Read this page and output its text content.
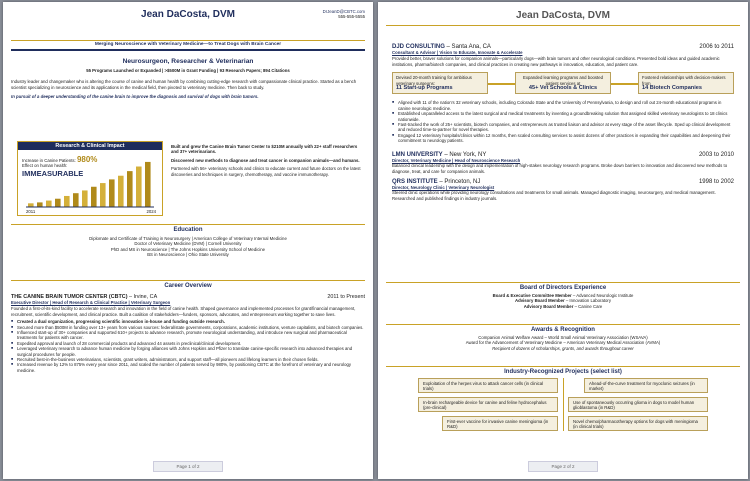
Jean DaCosta, DVM	DrJeanD@CBTC.com
555-555-5555
Merging Neuroscience with Veterinary Medicine—to Treat Dogs with Brain Cancer
Neurosurgeon, Researcher & Veterinarian
55 Programs Launched or Expanded | >$500M in Grant Funding | 93 Research Papers; 894 Citations
Industry leader and changemaker who is altering the course of canine and human health by combining cutting-edge research with compassionate clinical practice. Started as a bench scientist specializing in neuroscience and its applications in the medical field, then pivoted to veterinary medicine. Then back to study.
In pursuit of a deeper understanding of the canine brain to improve the diagnosis and survival of dogs with brain tumors.
Research & Clinical Impact
Increase in Canine Patients: 980%
Effect on human health:
IMMEASURABLE
2011	2024
Built and grew the Canine Brain Tumor Center to $210M annually with 22+ staff researchers and 37+ veterinarians.
Discovered new methods to diagnose and treat cancer in companion animals—and humans.
Partnered with 56+ veterinary schools and clinics to educate current and future doctors on the latest discoveries and techniques in surgery, chemotherapy, and vaccine immunotherapy.
Education
Diplomate and Certificate of Training in Neurosurgery | American College of Veterinary Internal Medicine
Doctor of Veterinary Medicine (DVM) | Cornell University
PhD and MS in Neuroscience | The Johns Hopkins University School of Medicine
BS in Neuroscience | Ohio State University
Career Overview
THE CANINE BRAIN TUMOR CENTER (CBTC) – Irvine, CA	2011 to Present
Executive Director | Head of Research & Clinical Practice | Veterinary Surgeon
Founded a first-of-its-kind facility to accelerate research and innovation in the field of canine health. Shaped governance and implemented processes for grant/financial management, recruitment, scientific development, and clinical practice. Built a coalition of stakeholders—funders, sponsors, advocates, and entrepreneurs working together to save lives.
■ Created a dual organization, progressing scientific innovation in-house and funding outside research.
■ Secured more than $500M in funding over 13+ years from various sources: federal/state governments, corporations, academic institutions, venture capitalists, and biotech companies.
■ Influenced start-up of 30+ companies and supported 610+ projects to advance research, promote neurological understanding, and introduce new surgical and pharmaceutical treatments for patients with cancer.
■ Expedited approval and launch of 28 commercial products and advanced 44 assets in preclinical/clinical development.
■ Leveraged veterinary research to advance human medicine by forging alliances with Johns Hopkins and Pfizer to translate canine-specific research into advanced therapies and surgical procedures for people.
■ Recruited best-in-the-business veterinarians, scientists, grant writers, administrators, and support staff—all pioneers and lifelong learners in their chosen fields.
■ Increased revenue by 12% to 875% every year since 2011, and scaled the number of patients served by 980%, by positioning CBTC at the forefront of veterinary and neurology medicine.
Page 1 of 2
Jean DaCosta, DVM
DJD CONSULTING – Santa Ana, CA	2006 to 2011
Consultant & Advisor | Vision to Educate, Innovate & Accelerate
Provided better, braver solutions for companion animals—particularly dogs—with brain tumors and other neurological conditions. Presented bold ideas and guided academic institutions, pharma/biotech companies, and clinical practices in creating new pathways in innovation, education, and patient care.
Devised 20-month training for ambitious veterinary surgeons:
11 Start-up Programs
Expanded learning programs and boosted patient services at
45+ Vet Schools & Clinics
Fostered relationships with decision-makers from
14 Biotech Companies
■ Aligned with 11 of the nation's 32 veterinary schools, including Colorado State and the University of Pennsylvania, to design and roll out 24-month educational programs in canine neurologic medicine.
■ Established unparalleled access to the latest surgical and medical treatments by inventing a groundbreaking solution that assigned skilled veterinary neurologists to 18 clinics nationwide.
■ Fast-tracked the work of 25+ scientists, biotech companies, and entrepreneurs as trusted liaison and advisor at every stage of the asset lifecycle. Sped up clinical development and reduced time-to-partner for novel therapies.
■ Engaged 12 veterinary hospitals/clinics within 12 months, then scaled consulting services to assist dozens of other practices in expanding their capabilities and deepening their commitment to neurology patients.
LMN UNIVERSITY – New York, NY	2003 to 2010
Director, Veterinary Medicine | Head of Neuroscience Research
Balanced clinical leadership with the design and implementation of high-stakes neurology research programs. Broke down barriers to innovation and discovered new methods to diagnose, treat, and care for companion animals.
QRS INSTITUTE – Princeton, NJ	1998 to 2002
Director, Neurology Clinic | Veterinary Neurologist
Steered clinic operations while providing neurology consultations and treatments for small animals. Managed diagnostic imaging, neurosurgery, and medical management. Researched and published findings in industry journals.
Board of Directors Experience
Board & Executive Committee Member – Advanced Neurologic Institute
Advisory Board Member – Innovation Laboratory
Advisory Board Member – Canine Care
Awards & Recognition
Companion Animal Welfare Award – World Small Animal Veterinary Association (WSAVA)
Award for the Advancement of Veterinary Medicine – American Veterinary Medical Association (AVMA)
Recipient of dozens of scholarships, grants, and awards throughout career
Industry-Recognized Projects (select list)
Exploitation of the herpes virus to attack cancer cells (in clinical trials)
In-brain rechargeable device for canine and feline hydrocephalus (pre-clinical)
First-ever vaccine for invasive canine meningioma (in R&D)
Ahead-of-the-curve treatment for myoclonic seizures (in market)
Use of spontaneously occurring glioma in dogs to model human glioblastoma (in R&D)
Novel chemo/pharmacotherapy options for dogs with meningioma (in clinical trials)
Page 2 of 2
